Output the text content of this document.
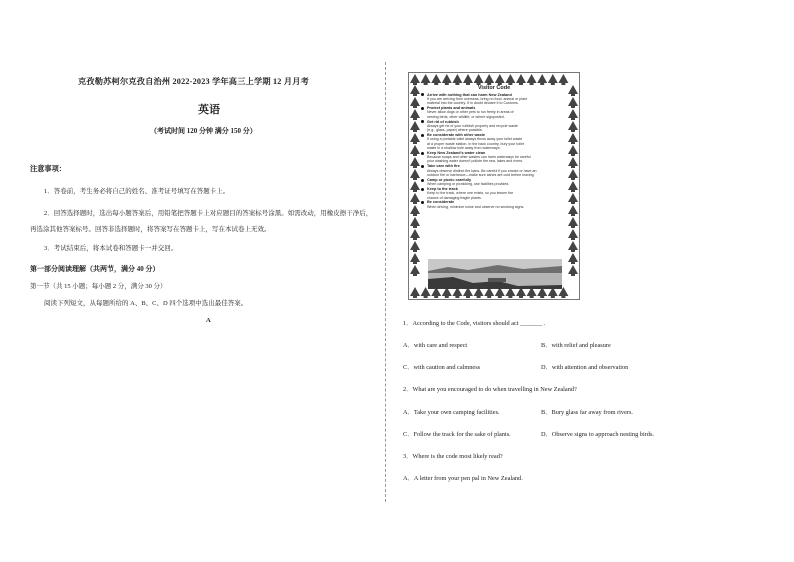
克孜勒苏柯尔克孜自治州 2022-2023 学年高三上学期 12 月月考
英语
（考试时间 120 分钟 满分 150 分）
注意事项：
1．答卷前，考生务必将自己的姓名、准考证号填写在答题卡上。
2．回答选择题时，选出每小题答案后，用铅笔把答题卡上对应题目的答案标号涂黑。如需改动，用橡皮擦干净后，
再选涂其他答案标号。回答非选择题时，将答案写在答题卡上，写在本试卷上无效。
3．考试结束后，将本试卷和答题卡一并交回。
第一部分阅读理解（共两节，满分 40 分）
第一节（共 15 小题；每小题 2 分，满分 30 分）
阅读下列短文，从每题所给的 A、B、C、D 四个选项中选出最佳答案。
A

Visitor Code

Arrive with nothing that can harm New Zealand
If you are arriving from overseas, bring no food, animal or plant
material into the country. If in doubt declare it to Customs.
Protect plants and animals
Never allow dogs or other pets to run freely in areas of
nesting birds, other wildlife, or where signposted.
Get rid of rubbish
Always get rid of your rubbish properly and recycle waste
(e.g., glass, paper) where possible.
Be considerate with other waste
If using a portable toilet always throw away your toilet waste
at a proper waste station. In the back country, bury your toilet
waste in a shallow hole away from waterways.
Keep New Zealand’s water clean
Because soaps and other wastes can harm waterways be careful
your washing water doesn’t pollute the sea, lakes and rivers.
Take care with fire
Always observe distinct fire bans. Be careful if you smoke or have an
outdoor fire or barbecue—make sure ashes are cold before leaving.
Camp or picnic carefully
When camping or picnicking, use facilities provided.
Keep to the track
Keep to the track, where one exists, so you lessen the
chance of damaging fragile plants.
Be considerate
When driving, minimize noise and observe no smoking signs.
1．According to the Code, visitors should act _______ .
A．with care and respect	B．with relief and pleasure
C．with caution and calmness	D．with attention and observation
2．What are you encouraged to do when travelling in New Zealand?
A．Take your own camping facilities.	B．Bury glass far away from rivers.
C．Follow the track for the sake of plants.	D．Observe signs to approach nesting birds.
3．Where is the code most likely read?
A．A letter from your pen pal in New Zealand.
